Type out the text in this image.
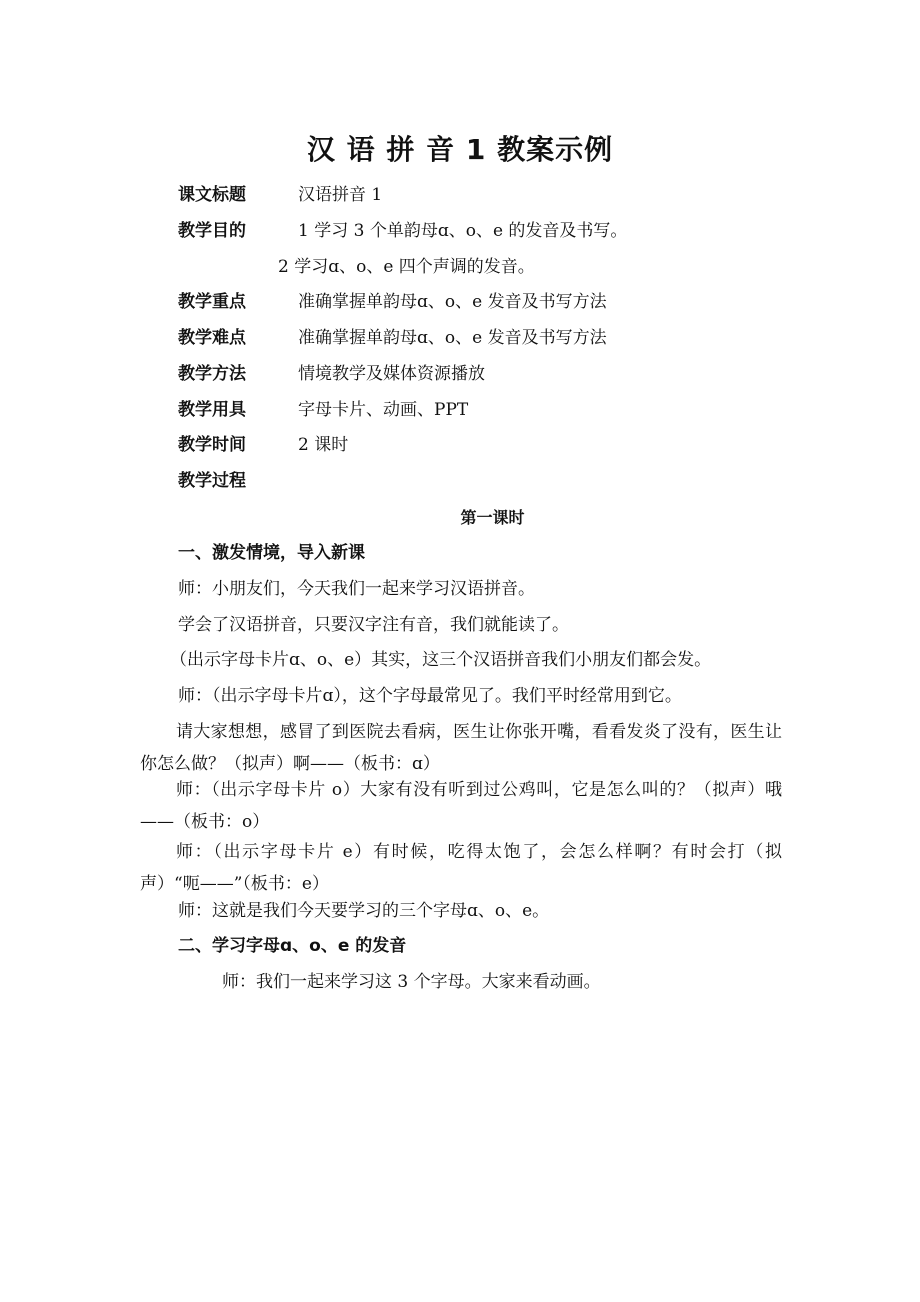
汉 语 拼 音 1 教案示例
课文标题	汉语拼音 1
教学目的	1 学习 3 个单韵母ɑ、o、e 的发音及书写。
2 学习ɑ、o、e 四个声调的发音。
教学重点	准确掌握单韵母ɑ、o、e 发音及书写方法
教学难点	准确掌握单韵母ɑ、o、e 发音及书写方法
教学方法	情境教学及媒体资源播放
教学用具	字母卡片、动画、PPT
教学时间	2 课时
教学过程
第一课时
一、激发情境，导入新课
师：小朋友们，今天我们一起来学习汉语拼音。
学会了汉语拼音，只要汉字注有音，我们就能读了。
（出示字母卡片ɑ、o、e）其实，这三个汉语拼音我们小朋友们都会发。
师：（出示字母卡片ɑ），这个字母最常见了。我们平时经常用到它。
请大家想想，感冒了到医院去看病，医生让你张开嘴，看看发炎了没有，医生让你怎么做？（拟声）啊——（板书：ɑ）
师：（出示字母卡片 o）大家有没有听到过公鸡叫，它是怎么叫的？（拟声）哦——（板书：o）
师：（出示字母卡片 e）有时候，吃得太饱了，会怎么样啊？有时会打（拟声）“呃——”（板书：e）
师：这就是我们今天要学习的三个字母ɑ、o、e。
二、学习字母ɑ、o、e 的发音
师：我们一起来学习这 3 个字母。大家来看动画。
